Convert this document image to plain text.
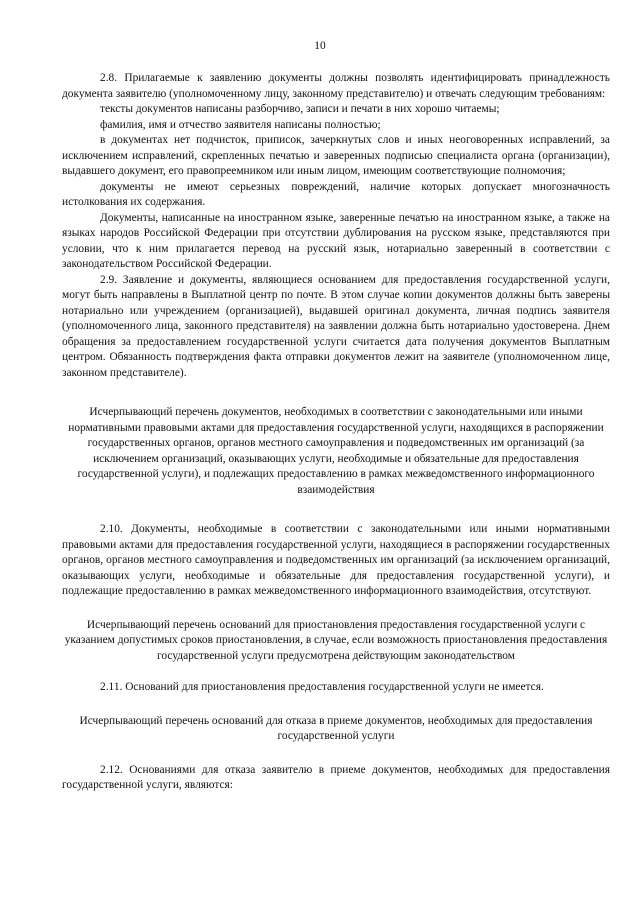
10

2.8. Прилагаемые к заявлению документы должны позволять идентифицировать принадлежность документа заявителю (уполномоченному лицу, законному представителю) и отвечать следующим требованиям:

тексты документов написаны разборчиво, записи и печати в них хорошо читаемы;

фамилия, имя и отчество заявителя написаны полностью;

в документах нет подчисток, приписок, зачеркнутых слов и иных неоговоренных исправлений, за исключением исправлений, скрепленных печатью и заверенных подписью специалиста органа (организации), выдавшего документ, его правопреемником или иным лицом, имеющим соответствующие полномочия;

документы не имеют серьезных повреждений, наличие которых допускает многозначность истолкования их содержания.

Документы, написанные на иностранном языке, заверенные печатью на иностранном языке, а также на языках народов Российской Федерации при отсутствии дублирования на русском языке, представляются при условии, что к ним прилагается перевод на русский язык, нотариально заверенный в соответствии с законодательством Российской Федерации.

2.9. Заявление и документы, являющиеся основанием для предоставления государственной услуги, могут быть направлены в Выплатной центр по почте. В этом случае копии документов должны быть заверены нотариально или учреждением (организацией), выдавшей оригинал документа, личная подпись заявителя (уполномоченного лица, законного представителя) на заявлении должна быть нотариально удостоверена. Днем обращения за предоставлением государственной услуги считается дата получения документов Выплатным центром. Обязанность подтверждения факта отправки документов лежит на заявителе (уполномоченном лице, законном представителе).

Исчерпывающий перечень документов, необходимых в соответствии с законодательными или иными нормативными правовыми актами для предоставления государственной услуги, находящихся в распоряжении государственных органов, органов местного самоуправления и подведомственных им организаций (за исключением организаций, оказывающих услуги, необходимые и обязательные для предоставления государственной услуги), и подлежащих предоставлению в рамках межведомственного информационного взаимодействия

2.10. Документы, необходимые в соответствии с законодательными или иными нормативными правовыми актами для предоставления государственной услуги, находящиеся в распоряжении государственных органов, органов местного самоуправления и подведомственных им организаций (за исключением организаций, оказывающих услуги, необходимые и обязательные для предоставления государственной услуги), и подлежащие предоставлению в рамках межведомственного информационного взаимодействия, отсутствуют.

Исчерпывающий перечень оснований для приостановления предоставления государственной услуги с указанием допустимых сроков приостановления, в случае, если возможность приостановления предоставления государственной услуги предусмотрена действующим законодательством

2.11. Оснований для приостановления предоставления государственной услуги не имеется.

Исчерпывающий перечень оснований для отказа в приеме документов, необходимых для предоставления государственной услуги

2.12. Основаниями для отказа заявителю в приеме документов, необходимых для предоставления государственной услуги, являются:
